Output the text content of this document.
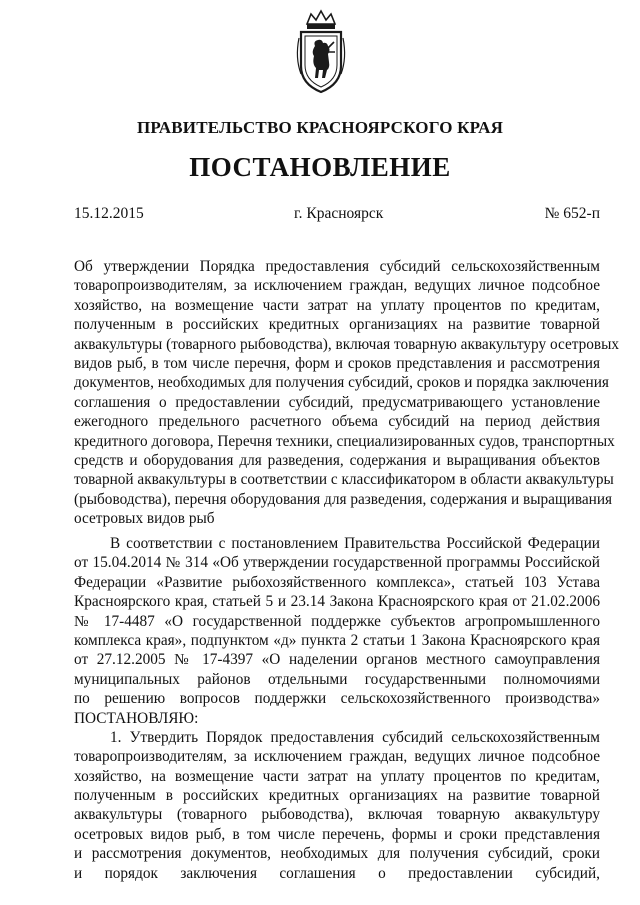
ПРАВИТЕЛЬСТВО КРАСНОЯРСКОГО КРАЯ
ПОСТАНОВЛЕНИЕ
15.12.2015	г. Красноярск	№ 652-п
Об утверждении Порядка предоставления субсидий сельскохозяйственным
товаропроизводителям, за исключением граждан, ведущих личное подсобное
хозяйство, на возмещение части затрат на уплату процентов по кредитам,
полученным в российских кредитных организациях на развитие товарной
аквакультуры (товарного рыбоводства), включая товарную аквакультуру осетровых
видов рыб, в том числе перечня, форм и сроков представления и рассмотрения
документов, необходимых для получения субсидий, сроков и порядка заключения
соглашения о предоставлении субсидий, предусматривающего установление
ежегодного предельного расчетного объема субсидий на период действия
кредитного договора, Перечня техники, специализированных судов, транспортных
средств и оборудования для разведения, содержания и выращивания объектов
товарной аквакультуры в соответствии с классификатором в области аквакультуры
(рыбоводства), перечня оборудования для разведения, содержания и выращивания
осетровых видов рыб
В соответствии с постановлением Правительства Российской Федерации
от 15.04.2014 № 314 «Об утверждении государственной программы Российской
Федерации «Развитие рыбохозяйственного комплекса», статьей 103 Устава
Красноярского края, статьей 5 и 23.14 Закона Красноярского края от 21.02.2006
№ 17-4487 «О государственной поддержке субъектов агропромышленного
комплекса края», подпунктом «д» пункта 2 статьи 1 Закона Красноярского края
от 27.12.2005 № 17-4397 «О наделении органов местного самоуправления
муниципальных районов отдельными государственными полномочиями
по решению вопросов поддержки сельскохозяйственного производства»
ПОСТАНОВЛЯЮ:
1. Утвердить Порядок предоставления субсидий сельскохозяйственным
товаропроизводителям, за исключением граждан, ведущих личное подсобное
хозяйство, на возмещение части затрат на уплату процентов по кредитам,
полученным в российских кредитных организациях на развитие товарной
аквакультуры (товарного рыбоводства), включая товарную аквакультуру
осетровых видов рыб, в том числе перечень, формы и сроки представления
и рассмотрения документов, необходимых для получения субсидий, сроки
и порядок заключения соглашения о предоставлении субсидий,
